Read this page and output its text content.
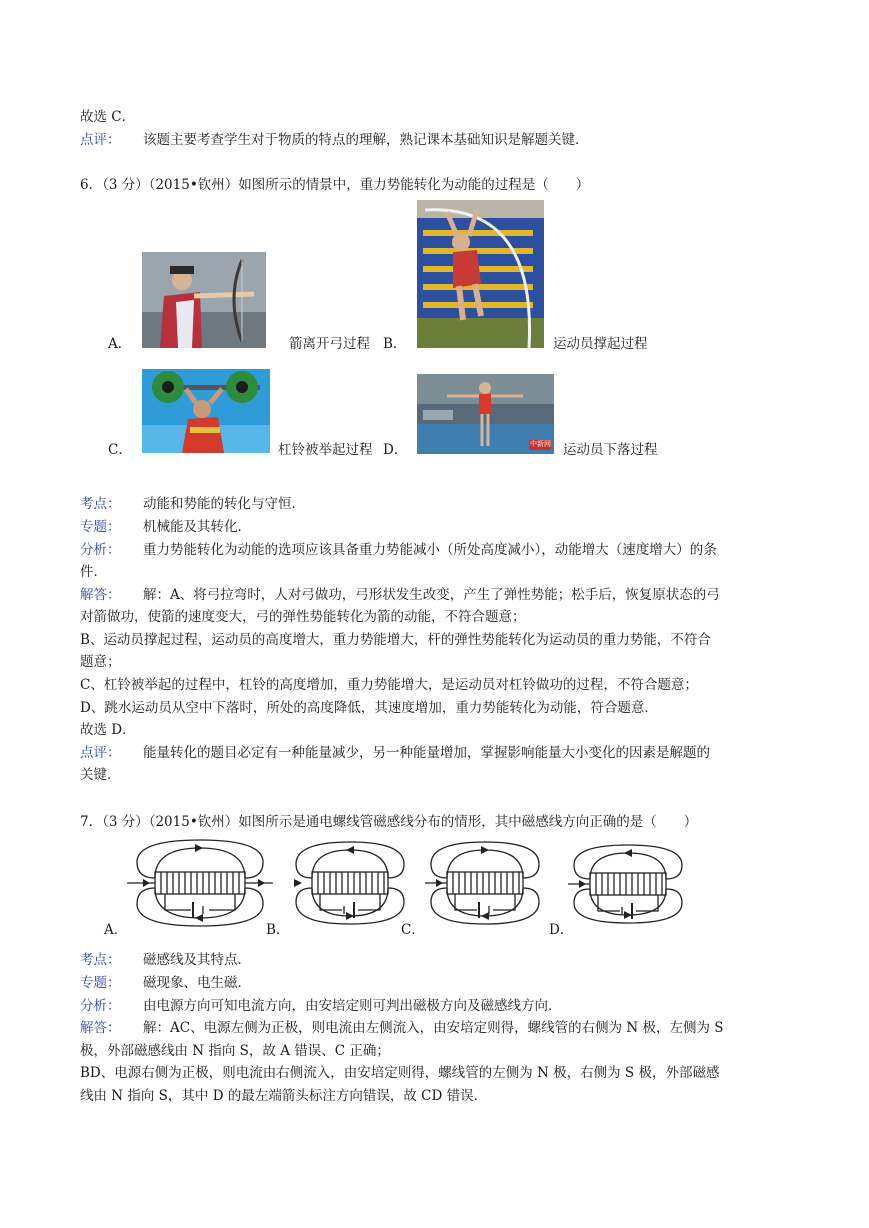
故选 C．
点评： 该题主要考查学生对于物质的特点的理解，熟记课本基础知识是解题关键．
6．（3 分）（2015•钦州）如图所示的情景中，重力势能转化为动能的过程是（　　）
A．	箭离开弓过程 B．	运动员撑起过程
C．	杠铃被举起过程	中新网
D．	运动员下落过程
考点： 动能和势能的转化与守恒．
专题： 机械能及其转化．
分析： 重力势能转化为动能的选项应该具备重力势能减小（所处高度减小），动能增大（速度增大）的条
件．
解答： 解：A、将弓拉弯时，人对弓做功，弓形状发生改变，产生了弹性势能；松手后，恢复原状态的弓
对箭做功，使箭的速度变大，弓的弹性势能转化为箭的动能，不符合题意；
B、运动员撑起过程，运动员的高度增大，重力势能增大，杆的弹性势能转化为运动员的重力势能，不符合
题意；
C、杠铃被举起的过程中，杠铃的高度增加，重力势能增大，是运动员对杠铃做功的过程，不符合题意；
D、跳水运动员从空中下落时，所处的高度降低，其速度增加，重力势能转化为动能，符合题意．
故选 D．
点评： 能量转化的题目必定有一种能量减少，另一种能量增加，掌握影响能量大小变化的因素是解题的
关键．
7．（3 分）（2015•钦州）如图所示是通电螺线管磁感线分布的情形，其中磁感线方向正确的是（　　）
A．	B．	C．	D．
考点： 磁感线及其特点．
专题： 磁现象、电生磁．
分析： 由电源方向可知电流方向，由安培定则可判出磁极方向及磁感线方向．
解答： 解：AC、电源左侧为正极，则电流由左侧流入，由安培定则得，螺线管的右侧为 N 极，左侧为 S
极，外部磁感线由 N 指向 S，故 A 错误、C 正确；
BD、电源右侧为正极，则电流由右侧流入，由安培定则得，螺线管的左侧为 N 极，右侧为 S 极，外部磁感
线由 N 指向 S，其中 D 的最左端箭头标注方向错误，故 CD 错误．
